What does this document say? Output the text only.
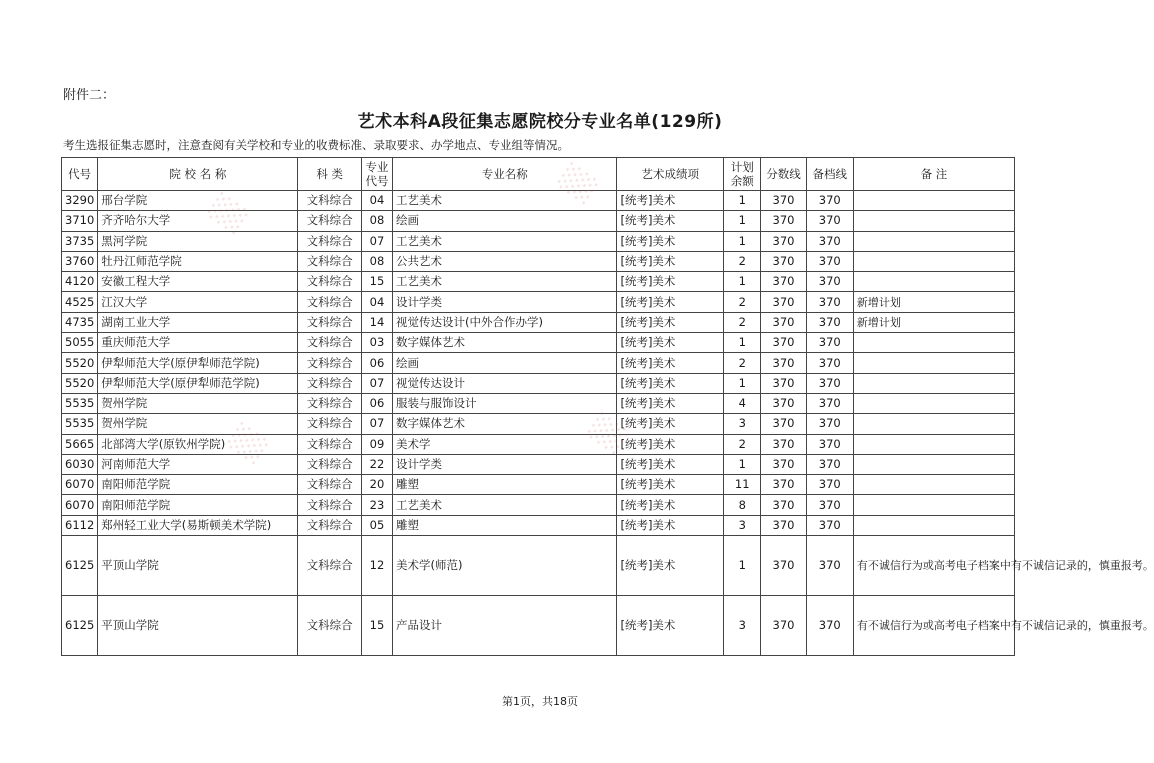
附件二：
艺术本科A段征集志愿院校分专业名单(129所)
考生选报征集志愿时，注意查阅有关学校和专业的收费标准、录取要求、办学地点、专业组等情况。
代号	院 校 名 称	科 类	专业代号	专业名称	艺术成绩项	计划余额	分数线	备档线	备 注
3290	邢台学院	文科综合	04	工艺美术	[统考]美术	1	370	370	
3710	齐齐哈尔大学	文科综合	08	绘画	[统考]美术	1	370	370	
3735	黑河学院	文科综合	07	工艺美术	[统考]美术	1	370	370	
3760	牡丹江师范学院	文科综合	08	公共艺术	[统考]美术	2	370	370	
4120	安徽工程大学	文科综合	15	工艺美术	[统考]美术	1	370	370	
4525	江汉大学	文科综合	04	设计学类	[统考]美术	2	370	370	新增计划
4735	湖南工业大学	文科综合	14	视觉传达设计(中外合作办学)	[统考]美术	2	370	370	新增计划
5055	重庆师范大学	文科综合	03	数字媒体艺术	[统考]美术	1	370	370	
5520	伊犁师范大学(原伊犁师范学院)	文科综合	06	绘画	[统考]美术	2	370	370	
5520	伊犁师范大学(原伊犁师范学院)	文科综合	07	视觉传达设计	[统考]美术	1	370	370	
5535	贺州学院	文科综合	06	服装与服饰设计	[统考]美术	4	370	370	
5535	贺州学院	文科综合	07	数字媒体艺术	[统考]美术	3	370	370	
5665	北部湾大学(原钦州学院)	文科综合	09	美术学	[统考]美术	2	370	370	
6030	河南师范大学	文科综合	22	设计学类	[统考]美术	1	370	370	
6070	南阳师范学院	文科综合	20	雕塑	[统考]美术	11	370	370	
6070	南阳师范学院	文科综合	23	工艺美术	[统考]美术	8	370	370	
6112	郑州轻工业大学(易斯顿美术学院)	文科综合	05	雕塑	[统考]美术	3	370	370	
6125	平顶山学院	文科综合	12	美术学(师范)	[统考]美术	1	370	370	有不诚信行为或高考电子档案中有不诚信记录的，慎重报考。
6125	平顶山学院	文科综合	15	产品设计	[统考]美术	3	370	370	有不诚信行为或高考电子档案中有不诚信记录的，慎重报考。
第1页，共18页
░░
░░
░░	░░
